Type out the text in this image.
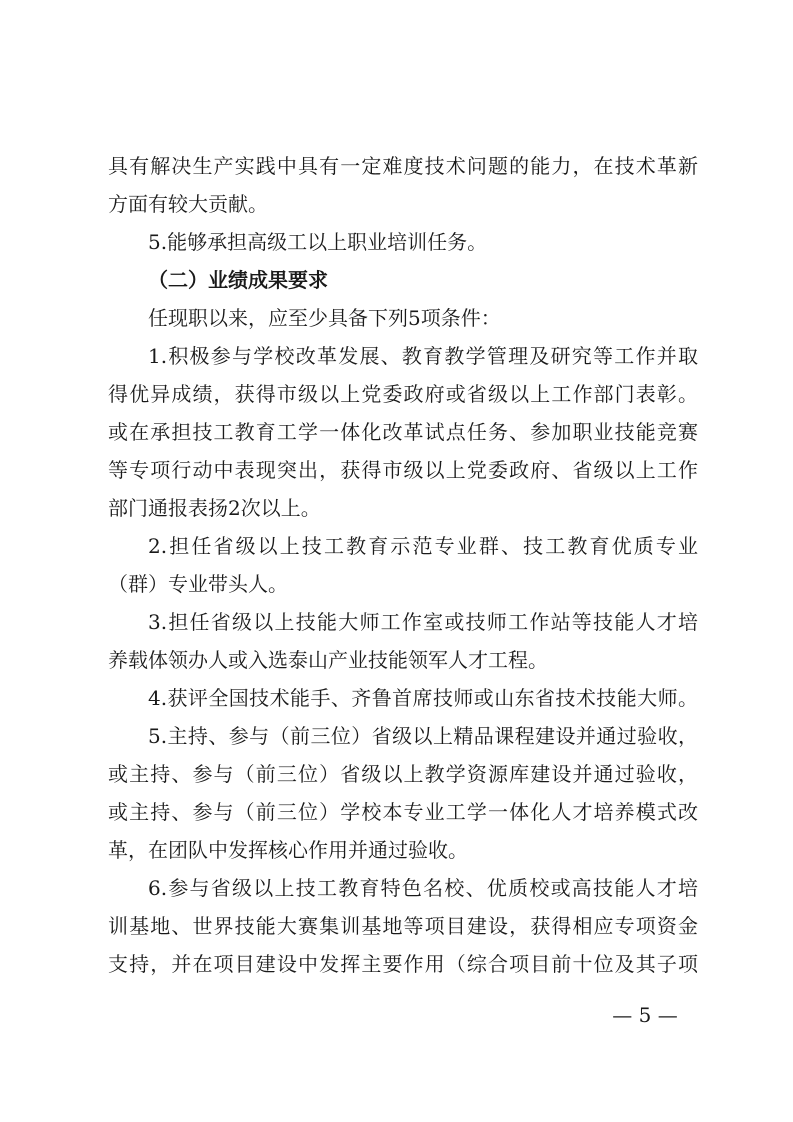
具有解决生产实践中具有一定难度技术问题的能力，在技术革新
方面有较大贡献。
5.能够承担高级工以上职业培训任务。
（二）业绩成果要求
任现职以来，应至少具备下列5项条件：
1.积极参与学校改革发展、教育教学管理及研究等工作并取
得优异成绩，获得市级以上党委政府或省级以上工作部门表彰。
或在承担技工教育工学一体化改革试点任务、参加职业技能竞赛
等专项行动中表现突出，获得市级以上党委政府、省级以上工作
部门通报表扬2次以上。
2.担任省级以上技工教育示范专业群、技工教育优质专业
（群）专业带头人。
3.担任省级以上技能大师工作室或技师工作站等技能人才培
养载体领办人或入选泰山产业技能领军人才工程。
4.获评全国技术能手、齐鲁首席技师或山东省技术技能大师。
5.主持、参与（前三位）省级以上精品课程建设并通过验收，
或主持、参与（前三位）省级以上教学资源库建设并通过验收，
或主持、参与（前三位）学校本专业工学一体化人才培养模式改
革，在团队中发挥核心作用并通过验收。
6.参与省级以上技工教育特色名校、优质校或高技能人才培
训基地、世界技能大赛集训基地等项目建设，获得相应专项资金
支持，并在项目建设中发挥主要作用（综合项目前十位及其子项
— 5 —
